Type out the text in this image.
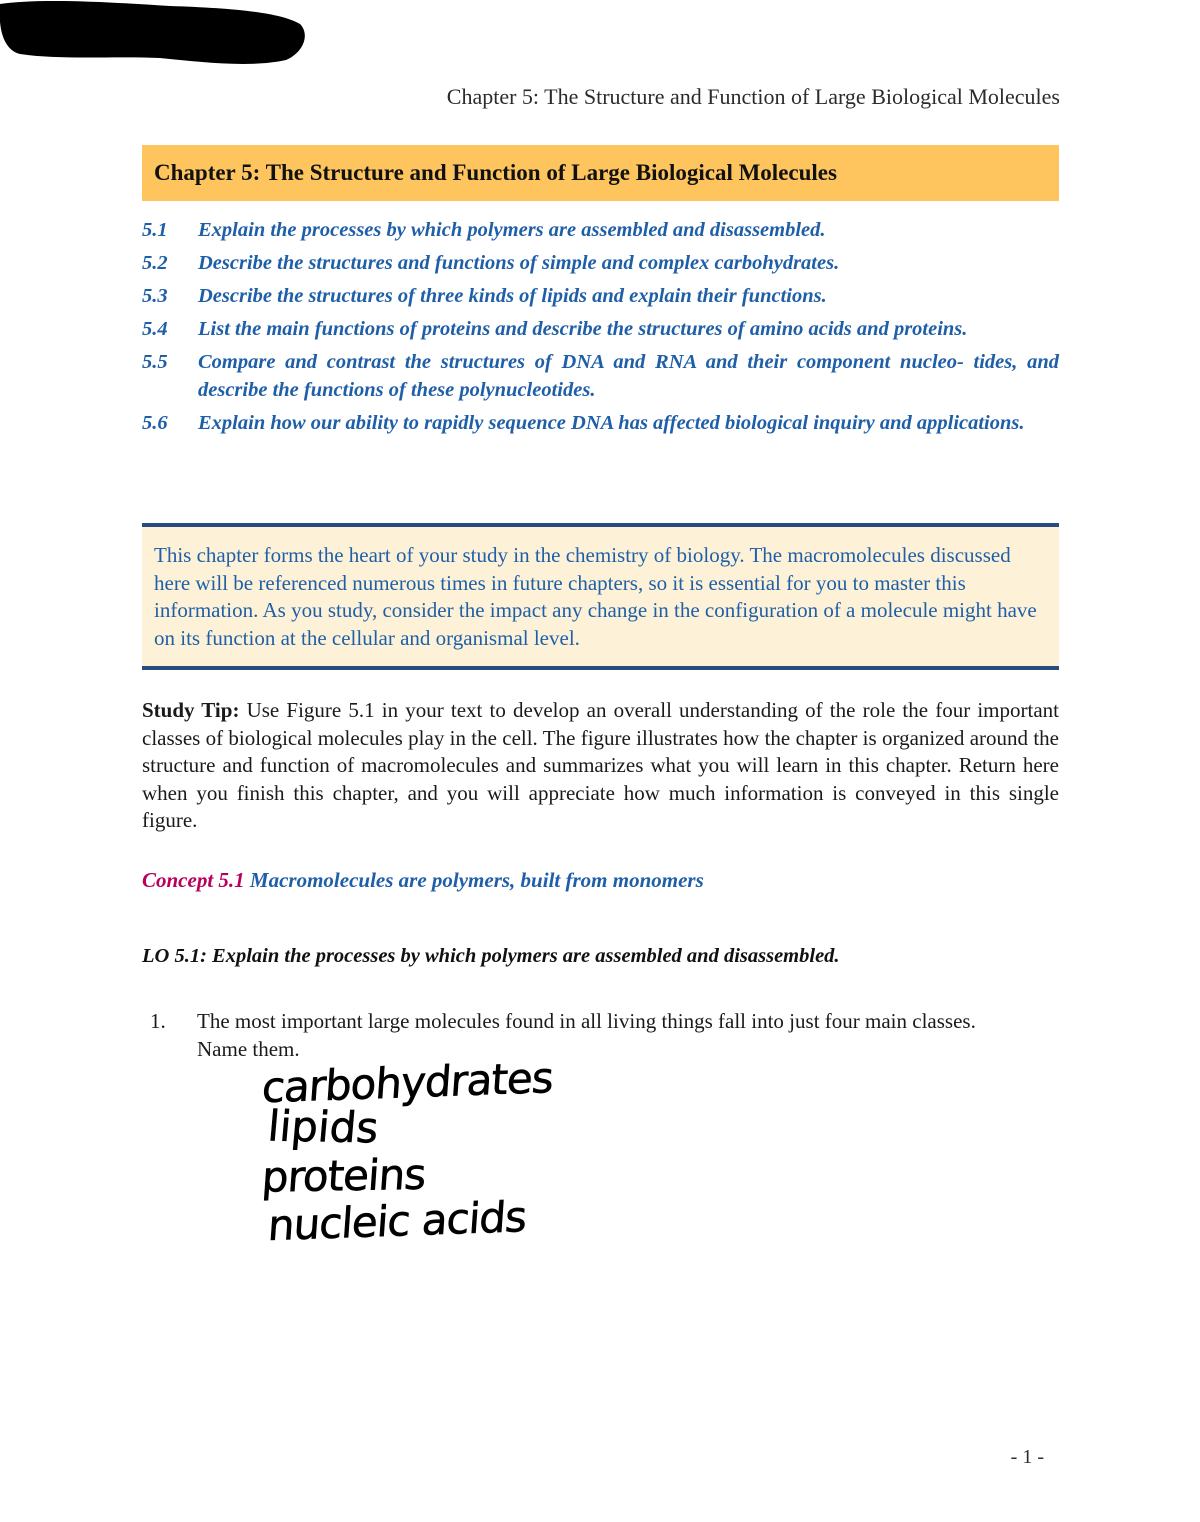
Chapter 5: The Structure and Function of Large Biological Molecules
Chapter 5: The Structure and Function of Large Biological Molecules
5.1	Explain the processes by which polymers are assembled and disassembled.
5.2	Describe the structures and functions of simple and complex carbohydrates.
5.3	Describe the structures of three kinds of lipids and explain their functions.
5.4	List the main functions of proteins and describe the structures of amino acids and proteins.
5.5	Compare and contrast the structures of DNA and RNA and their component nucleo- tides, and describe the functions of these polynucleotides.
5.6	Explain how our ability to rapidly sequence DNA has affected biological inquiry and applications.
This chapter forms the heart of your study in the chemistry of biology. The macromolecules discussed here will be referenced numerous times in future chapters, so it is essential for you to master this information. As you study, consider the impact any change in the configuration of a molecule might have on its function at the cellular and organismal level.

Study Tip: Use Figure 5.1 in your text to develop an overall understanding of the role the four important classes of biological molecules play in the cell. The figure illustrates how the chapter is organized around the structure and function of macromolecules and summarizes what you will learn in this chapter. Return here when you finish this chapter, and you will appreciate how much information is conveyed in this single figure.

Concept 5.1 Macromolecules are polymers, built from monomers
LO 5.1: Explain the processes by which polymers are assembled and disassembled.
1.	The most important large molecules found in all living things fall into just four main classes. Name them.
carbohydrates
lipids
proteins
nucleic acids
- 1 -
